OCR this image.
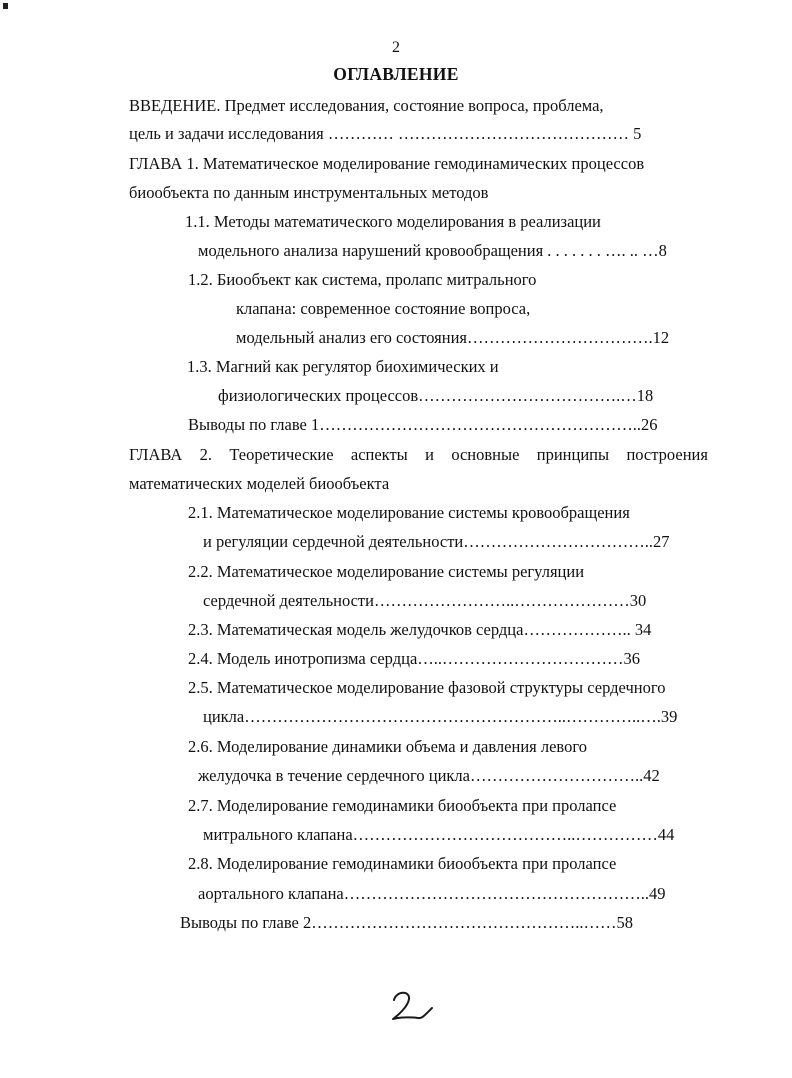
2
ОГЛАВЛЕНИЕ
ВВЕДЕНИЕ. Предмет исследования, состояние вопроса, проблема,
цель и задачи исследования ………… …………………………………… 5
ГЛАВА 1. Математическое моделирование гемодинамических процессов
биообъекта по данным инструментальных методов
1.1. Методы математического моделирования в реализации
модельного анализа нарушений кровообращения . . . . . . . …. .. …8
1.2. Биообъект как система, пролапс митрального
клапана: современное состояние вопроса,
модельный анализ его состояния…………………………….12
1.3. Магний как регулятор биохимических и
физиологических процессов……………………………….…18
Выводы по главе 1…………………………………………………..26
ГЛАВА 2. Теоретические аспекты и основные принципы построения
математических моделей биообъекта
2.1. Математическое моделирование системы кровообращения
и регуляции сердечной деятельности……………………………..27
2.2. Математическое моделирование системы регуляции
сердечной деятельности……………………..…………………30
2.3. Математическая модель желудочков сердца……………….. 34
2.4. Модель инотропизма сердца…..……………………………36
2.5. Математическое моделирование фазовой структуры сердечного
цикла…………………………………………………..…………..….39
2.6. Моделирование динамики объема и давления левого
желудочка в течение сердечного цикла…………………………..42
2.7. Моделирование гемодинамики биообъекта при пролапсе
митрального клапана…………………………………..……………44
2.8. Моделирование гемодинамики биообъекта при пролапсе
аортального клапана………………………………………………..49
Выводы по главе 2…………………………………………..……58
